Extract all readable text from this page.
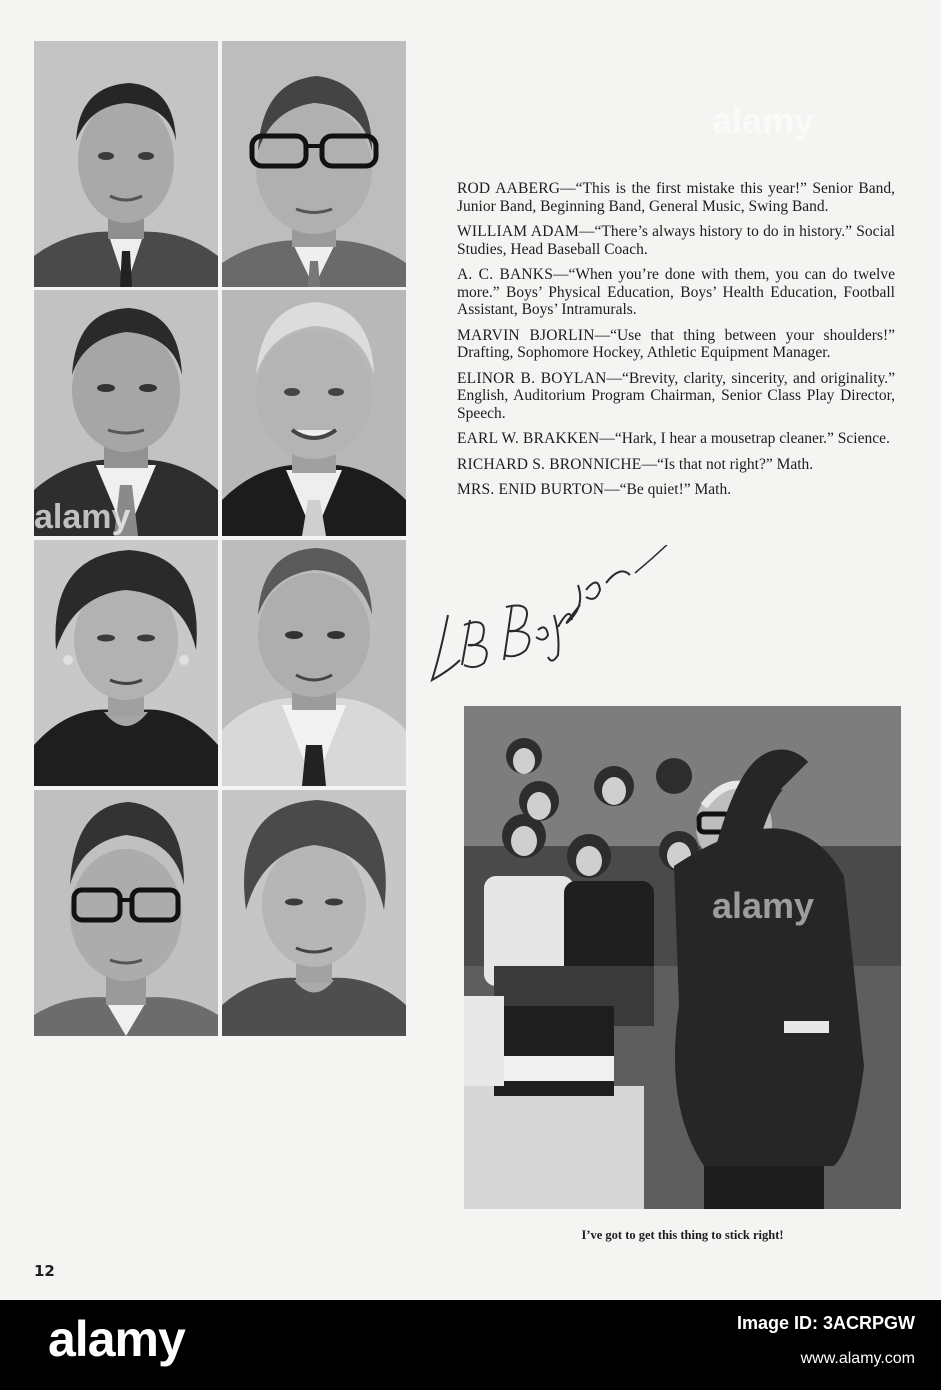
ROD AABERG—“This is the first mistake this year!” Senior Band, Junior Band, Beginning Band, General Music, Swing Band.

WILLIAM ADAM—“There’s always history to do in history.” Social Studies, Head Baseball Coach.

A. C. BANKS—“When you’re done with them, you can do twelve more.” Boys’ Physical Education, Boys’ Health Education, Football Assistant, Boys’ Intramurals.

MARVIN BJORLIN—“Use that thing between your shoulders!” Drafting, Sophomore Hockey, Athletic Equipment Manager.

ELINOR B. BOYLAN—“Brevity, clarity, sincerity, and originality.” English, Auditorium Program Chairman, Senior Class Play Director, Speech.

EARL W. BRAKKEN—“Hark, I hear a mousetrap cleaner.” Science.

RICHARD S. BRONNICHE—“Is that not right?” Math.

MRS. ENID BURTON—“Be quiet!” Math.

I’ve got to get this thing to stick right!
12
alamy
alamy
alamy
alamy	Image ID: 3ACRPGW
www.alamy.com
